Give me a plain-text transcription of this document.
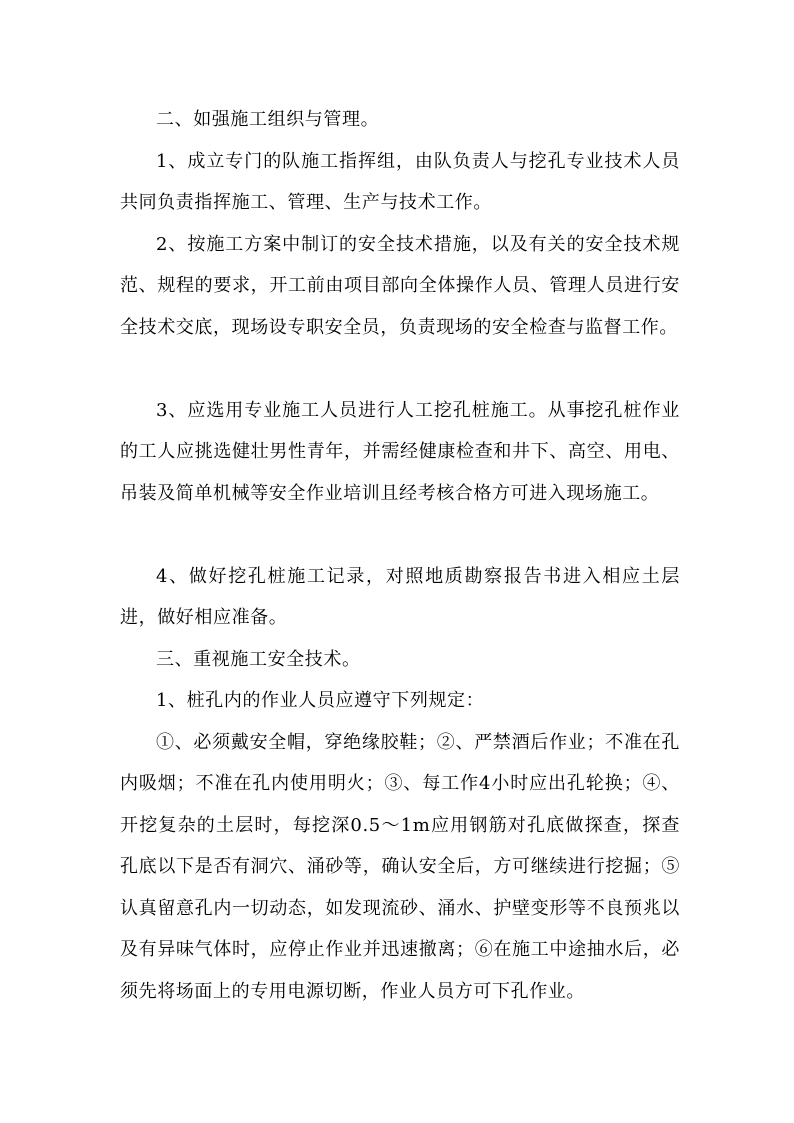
二、如强施工组织与管理。

1、成立专门的队施工指挥组，由队负责人与挖孔专业技术人员共同负责指挥施工、管理、生产与技术工作。

2、按施工方案中制订的安全技术措施，以及有关的安全技术规范、规程的要求，开工前由项目部向全体操作人员、管理人员进行安全技术交底，现场设专职安全员，负责现场的安全检查与监督工作。

3、应选用专业施工人员进行人工挖孔桩施工。从事挖孔桩作业的工人应挑选健壮男性青年，并需经健康检查和井下、高空、用电、吊装及简单机械等安全作业培训且经考核合格方可进入现场施工。

4、做好挖孔桩施工记录，对照地质勘察报告书进入相应土层进，做好相应准备。

三、重视施工安全技术。

1、桩孔内的作业人员应遵守下列规定：

①、必须戴安全帽，穿绝缘胶鞋；②、严禁酒后作业；不准在孔内吸烟；不准在孔内使用明火；③、每工作4小时应出孔轮换；④、开挖复杂的土层时，每挖深0.5～1m应用钢筋对孔底做探查，探查孔底以下是否有洞穴、涌砂等，确认安全后，方可继续进行挖掘；⑤认真留意孔内一切动态，如发现流砂、涌水、护壁变形等不良预兆以及有异味气体时，应停止作业并迅速撤离；⑥在施工中途抽水后，必须先将场面上的专用电源切断，作业人员方可下孔作业。
